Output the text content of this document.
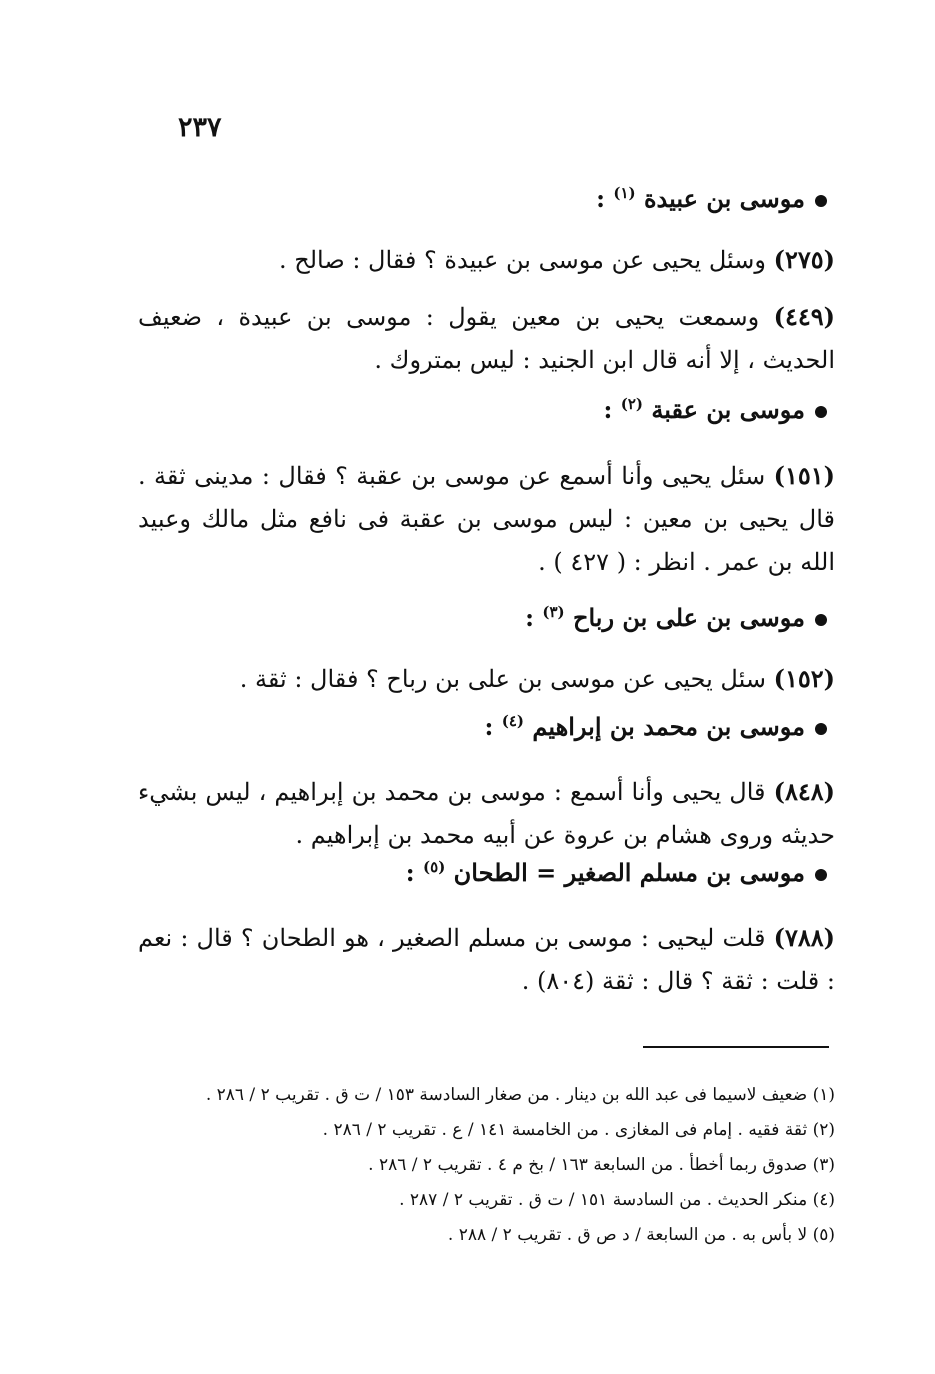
٢٣٧
موسى بن عبيدة $^{(١)}$ :
(٢٧٥) وسئل يحيى عن موسى بن عبيدة ؟ فقال : صالح .
(٤٤٩) وسمعت يحيى بن معين يقول : موسى بن عبيدة ، ضعيف الحديث ، إلا أنه قال ابن الجنيد : ليس بمتروك .
موسى بن عقبة $^{(٢)}$ :
(١٥١) سئل يحيى وأنا أسمع عن موسى بن عقبة ؟ فقال : مدينى ثقة . قال يحيى بن معين : ليس موسى بن عقبة فى نافع مثل مالك وعبيد الله بن عمر . انظر : ( ٤٢٧ ) .
موسى بن على بن رباح $^{(٣)}$ :
(١٥٢) سئل يحيى عن موسى بن على بن رباح ؟ فقال : ثقة .
موسى بن محمد بن إبراهيم $^{(٤)}$ :
(٨٤٨) قال يحيى وأنا أسمع : موسى بن محمد بن إبراهيم ، ليس بشيء حديثه وروى هشام بن عروة عن أبيه محمد بن إبراهيم .
موسى بن مسلم الصغير = الطحان $^{(٥)}$ :
(٧٨٨) قلت ليحيى : موسى بن مسلم الصغير ، هو الطحان ؟ قال : نعم : قلت : ثقة ؟ قال : ثقة (٨٠٤) .
(١) ضعيف لاسيما فى عبد الله بن دينار . من صغار السادسة ١٥٣ / ت ق . تقريب ٢ / ٢٨٦ .
(٢) ثقة فقيه . إمام فى المغازى . من الخامسة ١٤١ / ع . تقريب ٢ / ٢٨٦ .
(٣) صدوق ربما أخطأ . من السابعة ١٦٣ / بخ م ٤ . تقريب ٢ / ٢٨٦ .
(٤) منكر الحديث . من السادسة ١٥١ / ت ق . تقريب ٢ / ٢٨٧ .
(٥) لا بأس به . من السابعة / د ص ق . تقريب ٢ / ٢٨٨ .
